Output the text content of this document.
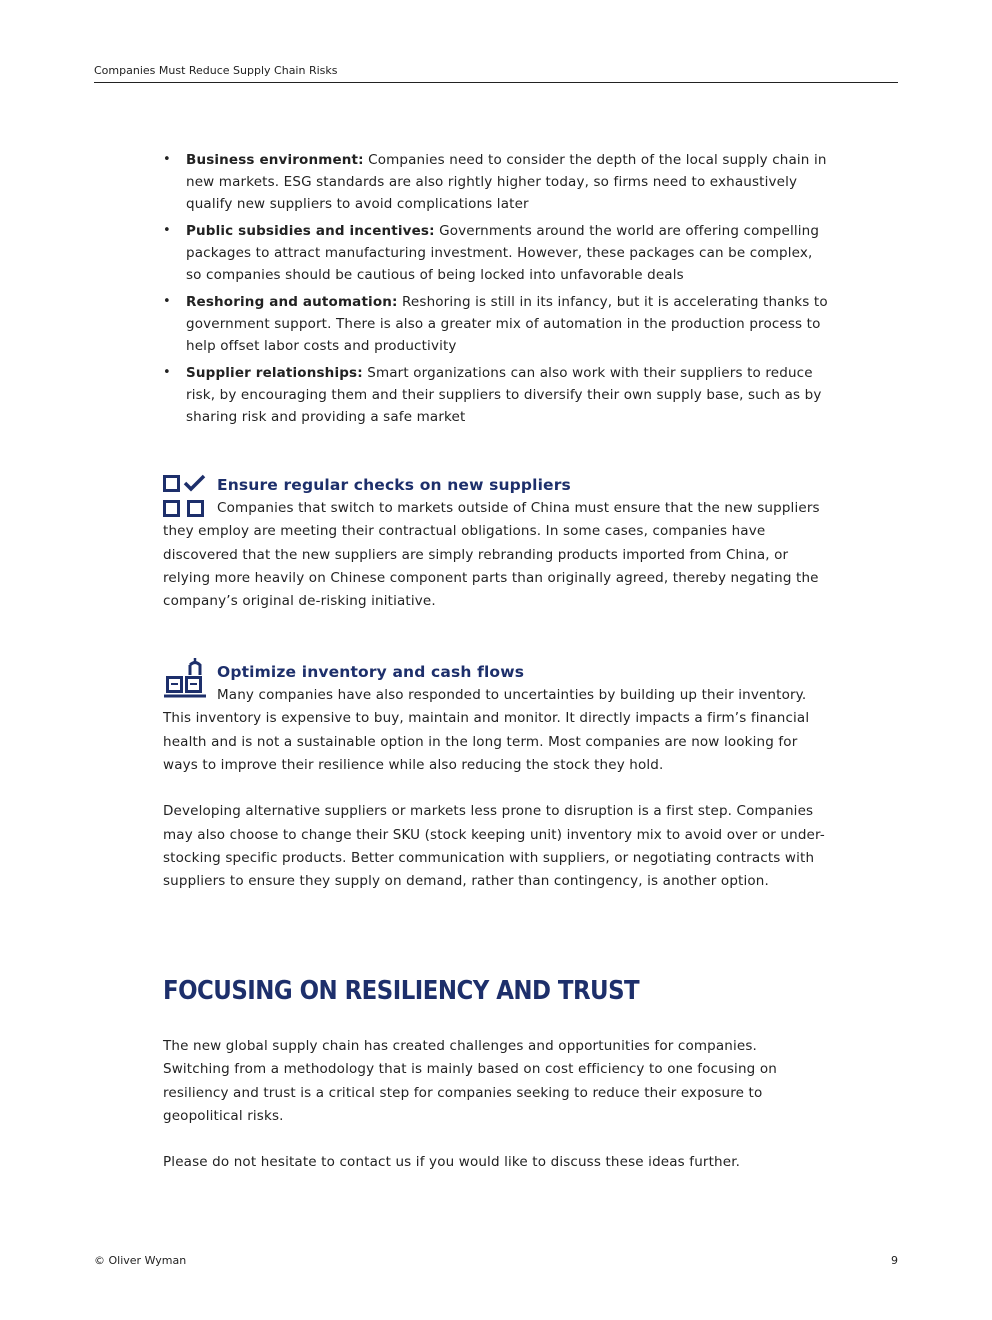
Companies Must Reduce Supply Chain Risks
• Business environment: Companies need to consider the depth of the local supply chain in new markets. ESG standards are also rightly higher today, so firms need to exhaustively qualify new suppliers to avoid complications later
• Public subsidies and incentives: Governments around the world are offering compelling packages to attract manufacturing investment. However, these packages can be complex, so companies should be cautious of being locked into unfavorable deals
• Reshoring and automation: Reshoring is still in its infancy, but it is accelerating thanks to government support. There is also a greater mix of automation in the production process to help offset labor costs and productivity
• Supplier relationships: Smart organizations can also work with their suppliers to reduce risk, by encouraging them and their suppliers to diversify their own supply base, such as by sharing risk and providing a safe market
Ensure regular checks on new suppliers

Companies that switch to markets outside of China must ensure that the new suppliers they employ are meeting their contractual obligations. In some cases, companies have discovered that the new suppliers are simply rebranding products imported from China, or relying more heavily on Chinese component parts than originally agreed, thereby negating the company’s original de-risking initiative.

Optimize inventory and cash flows

Many companies have also responded to uncertainties by building up their inventory. This inventory is expensive to buy, maintain and monitor. It directly impacts a firm’s financial health and is not a sustainable option in the long term. Most companies are now looking for ways to improve their resilience while also reducing the stock they hold.

Developing alternative suppliers or markets less prone to disruption is a first step. Companies may also choose to change their SKU (stock keeping unit) inventory mix to avoid over or under-stocking specific products. Better communication with suppliers, or negotiating contracts with suppliers to ensure they supply on demand, rather than contingency, is another option.

FOCUSING ON RESILIENCY AND TRUST

The new global supply chain has created challenges and opportunities for companies. Switching from a methodology that is mainly based on cost efficiency to one focusing on resiliency and trust is a critical step for companies seeking to reduce their exposure to geopolitical risks.

Please do not hesitate to contact us if you would like to discuss these ideas further.

© Oliver Wyman	9
